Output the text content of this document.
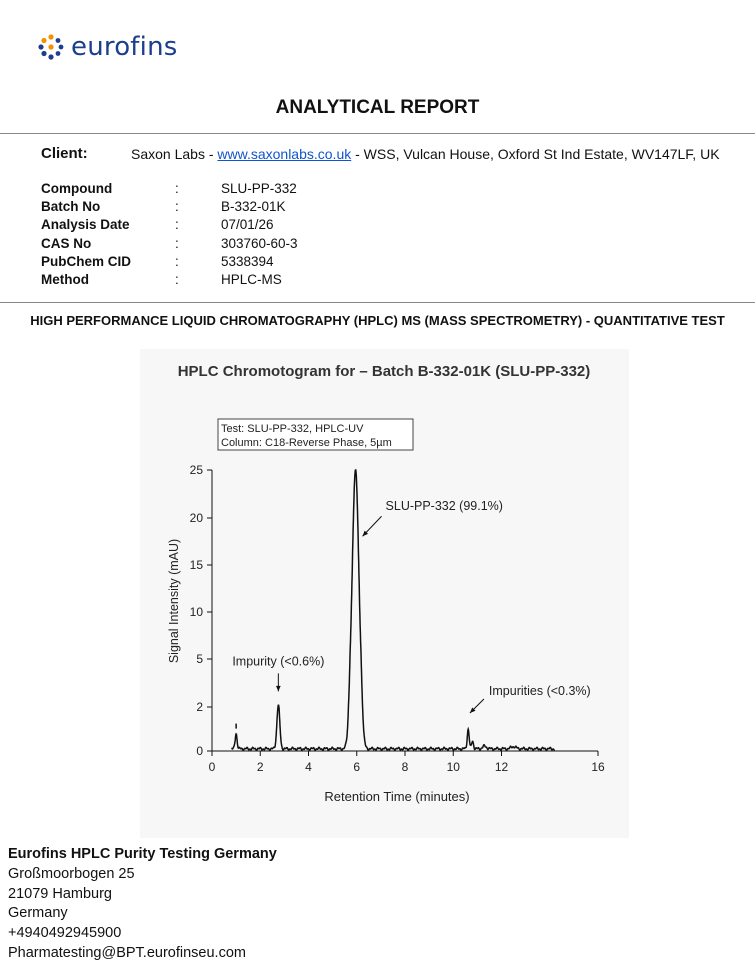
eurofins
ANALYTICAL REPORT
Client:	Saxon Labs - www.saxonlabs.co.uk - WSS, Vulcan House, Oxford St Ind Estate, WV147LF, UK
Compound	:	SLU-PP-332
Batch No	:	B-332-01K
Analysis Date	:	07/01/26
CAS No	:	303760-60-3
PubChem CID	:	5338394
Method	:	HPLC-MS
HIGH PERFORMANCE LIQUID CHROMATOGRAPHY (HPLC) MS (MASS SPECTROMETRY) - QUANTITATIVE TEST
HPLC Chromotogram for – Batch B-332-01K (SLU-PP-332)
Test: SLU-PP-332, HPLC-UV
Column: C18-Reverse Phase, 5µm
0	2	4	6	8	10	12	16
0
2
5
10
15
20
25
SLU-PP-332 (99.1%)
Impurity (<0.6%)
Impurities (<0.3%)
Retention Time (minutes)
Signal Intensity (mAU)
Eurofins HPLC Purity Testing Germany
Großmoorbogen 25
21079 Hamburg
Germany
+4940492945900
Pharmatesting@BPT.eurofinseu.com
